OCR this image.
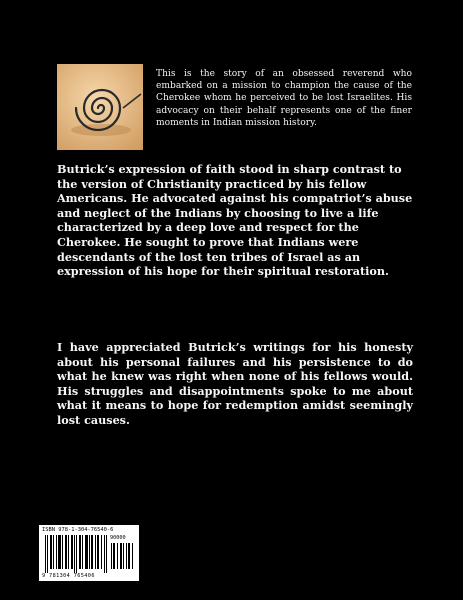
This is the story of an obsessed reverend who embarked on a mission to champion the cause of the Cherokee whom he perceived to be lost Israelites. His advocacy on their behalf represents one of the finer moments in Indian mission history.
Butrick’s expression of faith stood in sharp contrast to the version of Christianity practiced by his fellow Americans. He advocated against his compatriot’s abuse and neglect of the Indians by choosing to live a life characterized by a deep love and respect for the Cherokee. He sought to prove that Indians were descendants of the lost ten tribes of Israel as an expression of his hope for their spiritual restoration.
I have appreciated Butrick’s writings for his honesty about his personal failures and his persistence to do what he knew was right when none of his fellows would. His struggles and disappointments spoke to me about what it means to hope for redemption amidst seemingly lost causes.
ISBN 978-1-304-76540-6
90000
9 781304 765406
